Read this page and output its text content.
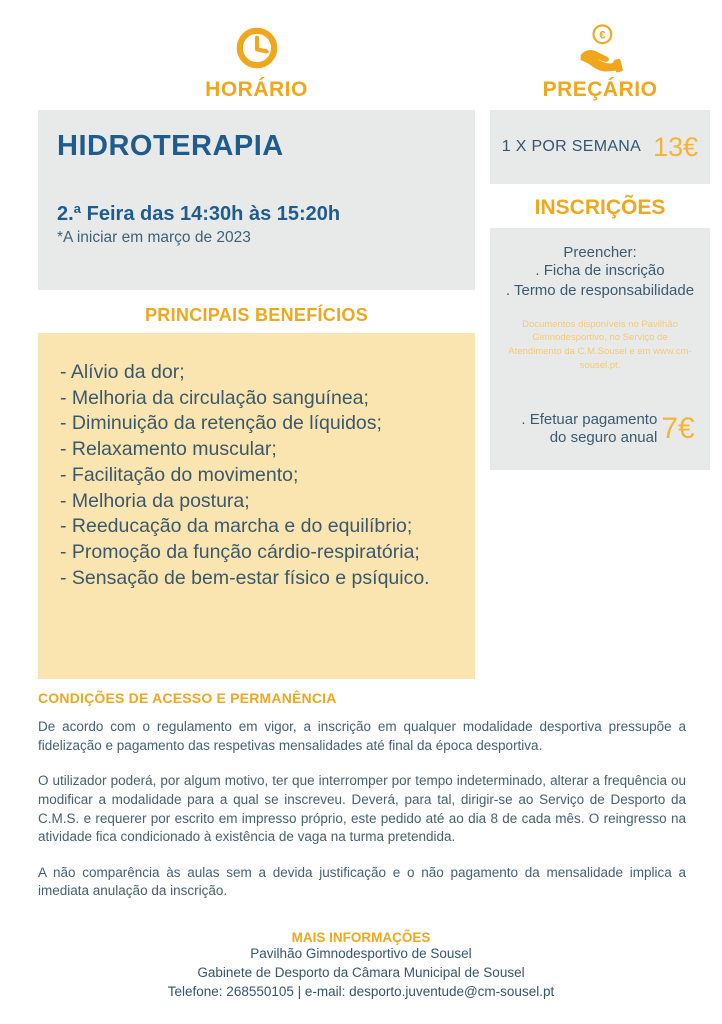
HORÁRIO
HIDROTERAPIA
2.ª Feira das 14:30h às 15:20h
*A iniciar em março de 2023
PRINCIPAIS BENEFÍCIOS
- Alívio da dor;
- Melhoria da circulação sanguínea;
- Diminuição da retenção de líquidos;
- Relaxamento muscular;
- Facilitação do movimento;
- Melhoria da postura;
- Reeducação da marcha e do equilíbrio;
- Promoção da função cárdio-respiratória;
- Sensação de bem-estar físico e psíquico.
€
PREÇÁRIO
1 X POR SEMANA 13€
INSCRIÇÕES
Preencher:
. Ficha de inscrição
. Termo de responsabilidade
Documentos disponíveis no Pavilhão Gimnodesportivo, no Serviço de Atendimento da C.M.Sousel e em www.cm-sousel.pt.
. Efetuar pagamento do seguro anual 7€
CONDIÇÕES DE ACESSO E PERMANÊNCIA
De acordo com o regulamento em vigor, a inscrição em qualquer modalidade desportiva pressupõe a fidelização e pagamento das respetivas mensalidades até final da época desportiva.
O utilizador poderá, por algum motivo, ter que interromper por tempo indeterminado, alterar a frequência ou modificar a modalidade para a qual se inscreveu. Deverá, para tal, dirigir-se ao Serviço de Desporto da C.M.S. e requerer por escrito em impresso próprio, este pedido até ao dia 8 de cada mês. O reingresso na atividade fica condicionado à existência de vaga na turma pretendida.
A não comparência às aulas sem a devida justificação e o não pagamento da mensalidade implica a imediata anulação da inscrição.
MAIS INFORMAÇÕES
Pavilhão Gimnodesportivo de Sousel
Gabinete de Desporto da Câmara Municipal de Sousel
Telefone: 268550105 | e-mail: desporto.juventude@cm-sousel.pt
